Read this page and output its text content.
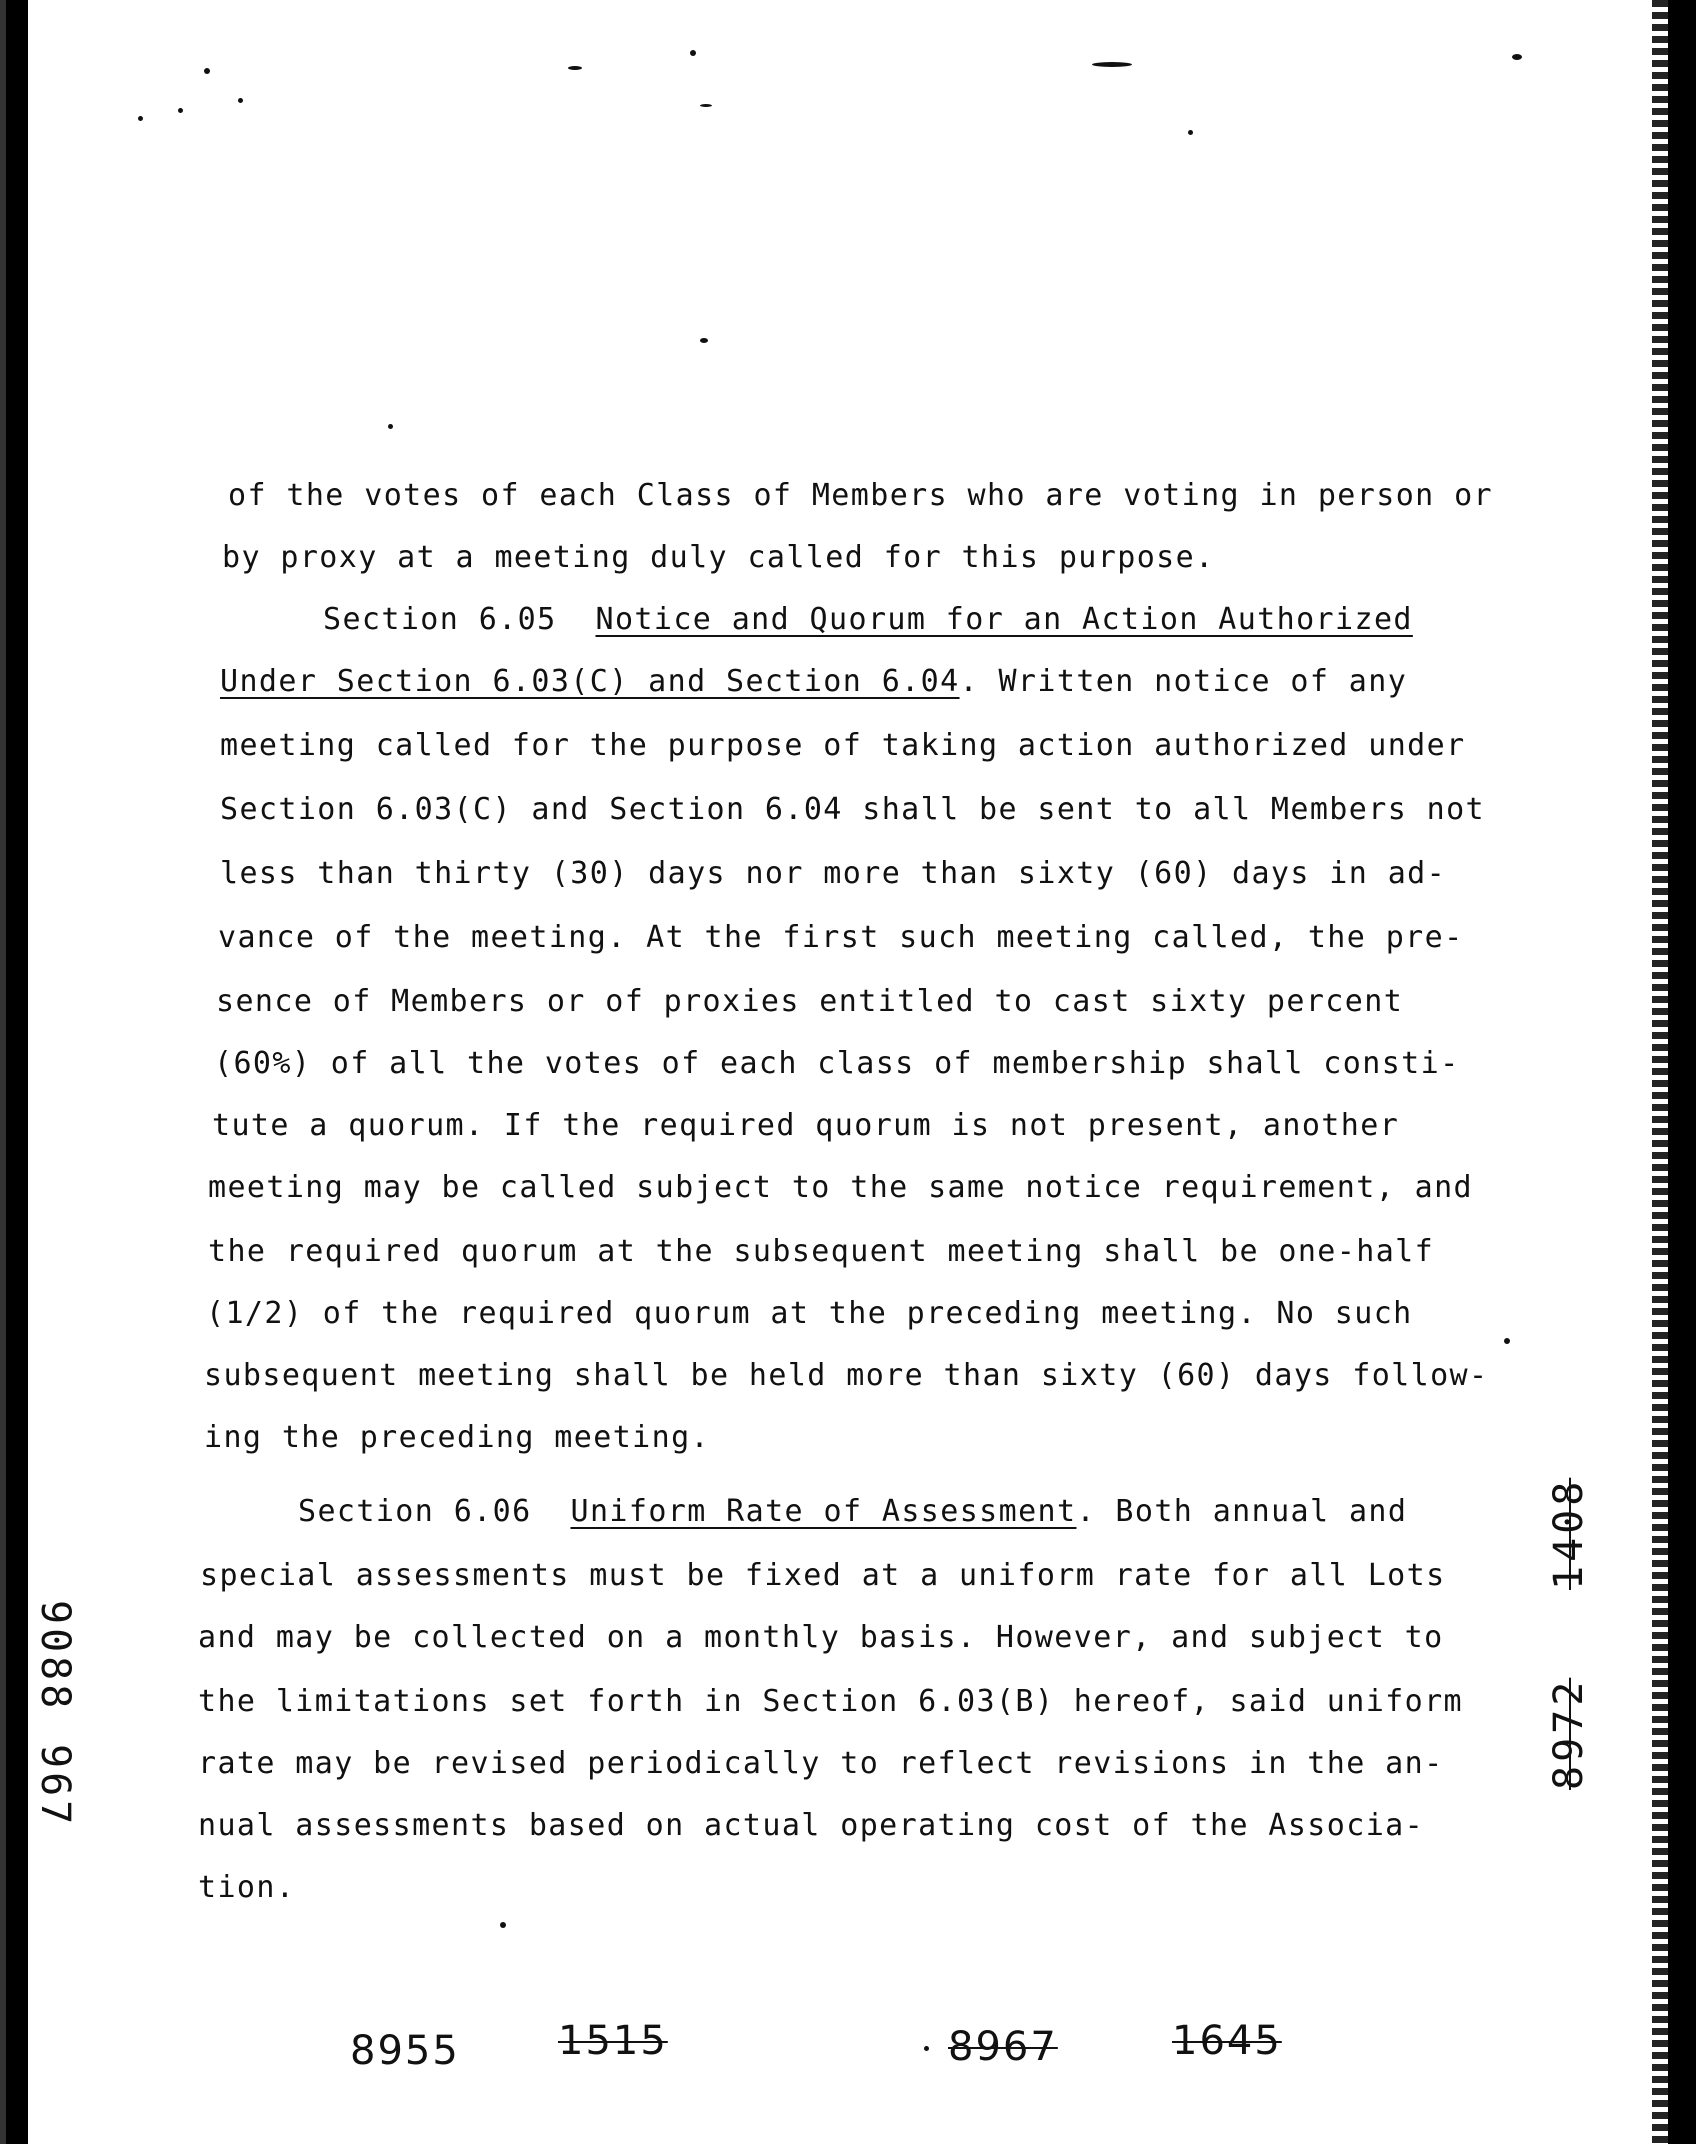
of the votes of each Class of Members who are voting in person or
by proxy at a meeting duly called for this purpose.
Section 6.05 Notice and Quorum for an Action Authorized
Under Section 6.03(C) and Section 6.04. Written notice of any
meeting called for the purpose of taking action authorized under
Section 6.03(C) and Section 6.04 shall be sent to all Members not
less than thirty (30) days nor more than sixty (60) days in ad-
vance of the meeting. At the first such meeting called, the pre-
sence of Members or of proxies entitled to cast sixty percent
(60%) of all the votes of each class of membership shall consti-
tute a quorum. If the required quorum is not present, another
meeting may be called subject to the same notice requirement, and
the required quorum at the subsequent meeting shall be one-half
(1/2) of the required quorum at the preceding meeting. No such
subsequent meeting shall be held more than sixty (60) days follow-
ing the preceding meeting.
Section 6.06 Uniform Rate of Assessment. Both annual and
special assessments must be fixed at a uniform rate for all Lots
and may be collected on a monthly basis. However, and subject to
the limitations set forth in Section 6.03(B) hereof, said uniform
rate may be revised periodically to reflect revisions in the an-
nual assessments based on actual operating cost of the Associa-
tion.
9088
967
1408
8972
8955 1515	8967	1645
